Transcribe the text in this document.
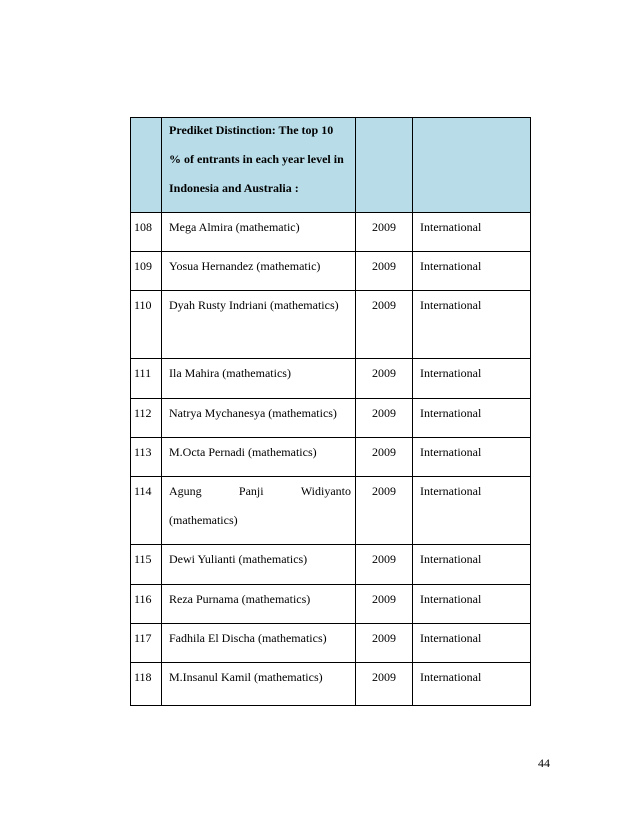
	Prediket Distinction: The top 10
% of entrants in each year level in
Indonesia and Australia :		

108	Mega Almira (mathematic)	2009	International

109	Yosua Hernandez (mathematic)	2009	International

110	Dyah Rusty Indriani (mathematics)	2009	International

111	Ila Mahira (mathematics)	2009	International

112	Natrya Mychanesya (mathematics)	2009	International

113	M.Octa Pernadi (mathematics)	2009	International

114	Agung Panji Widiyanto
(mathematics)	2009	International

115	Dewi Yulianti (mathematics)	2009	International

116	Reza Purnama (mathematics)	2009	International

117	Fadhila El Discha (mathematics)	2009	International

118	M.Insanul Kamil (mathematics)	2009	International
44
